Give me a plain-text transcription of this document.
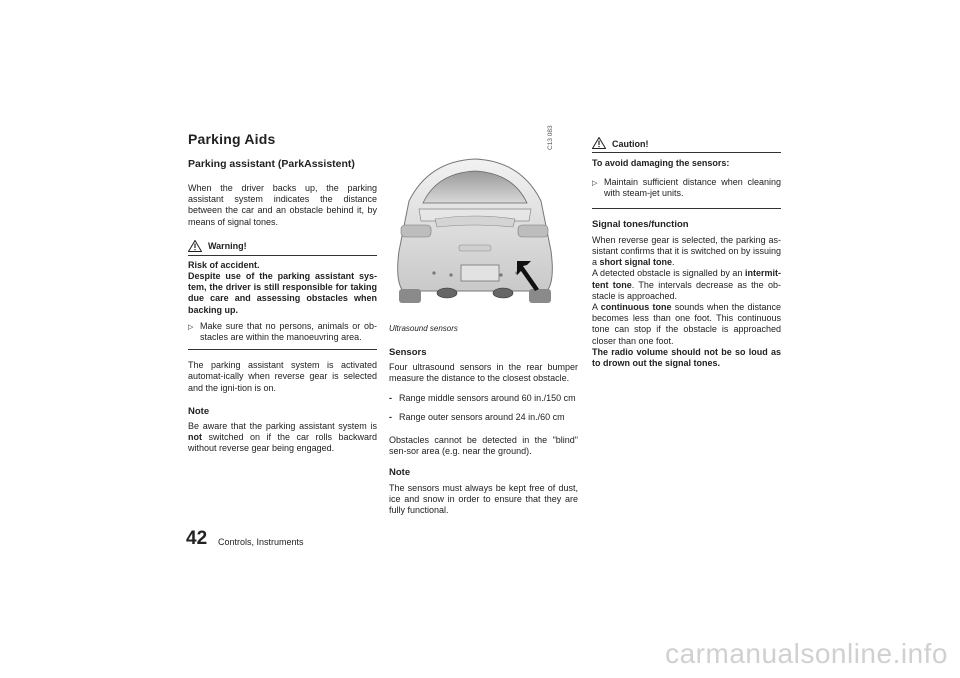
Parking Aids
Parking assistant (ParkAssistent)

When the driver backs up, the parking assistant system indicates the distance between the car and an obstacle behind it, by means of signal tones.

Warning!

Risk of accident.

Despite use of the parking assistant sys-tem, the driver is still responsible for taking due care and assessing obstacles when backing up.

▷ Make sure that no persons, animals or ob-stacles are within the manoeuvring area.

The parking assistant system is activated automat-ically when reverse gear is selected and the igni-tion is on.

Note

Be aware that the parking assistant system is not switched on if the car rolls backward without reverse gear being engaged.

C13 083
Ultrasound sensors

Sensors

Four ultrasound sensors in the rear bumper measure the distance to the closest obstacle.

- Range middle sensors around 60 in./150 cm
- Range outer sensors around 24 in./60 cm

Obstacles cannot be detected in the "blind" sen-sor area (e.g. near the ground).

Note

The sensors must always be kept free of dust, ice and snow in order to ensure that they are fully functional.

Caution!

To avoid damaging the sensors:

▷ Maintain sufficient distance when cleaning with steam-jet units.

Signal tones/function

When reverse gear is selected, the parking as-sistant confirms that it is switched on by issuing a short signal tone.

A detected obstacle is signalled by an intermit-tent tone. The intervals decrease as the ob-stacle is approached.

A continuous tone sounds when the distance becomes less than one foot. This continuous tone can stop if the obstacle is approached closer than one foot.

The radio volume should not be so loud as to drown out the signal tones.

42 Controls, Instruments
carmanualsonline.info
